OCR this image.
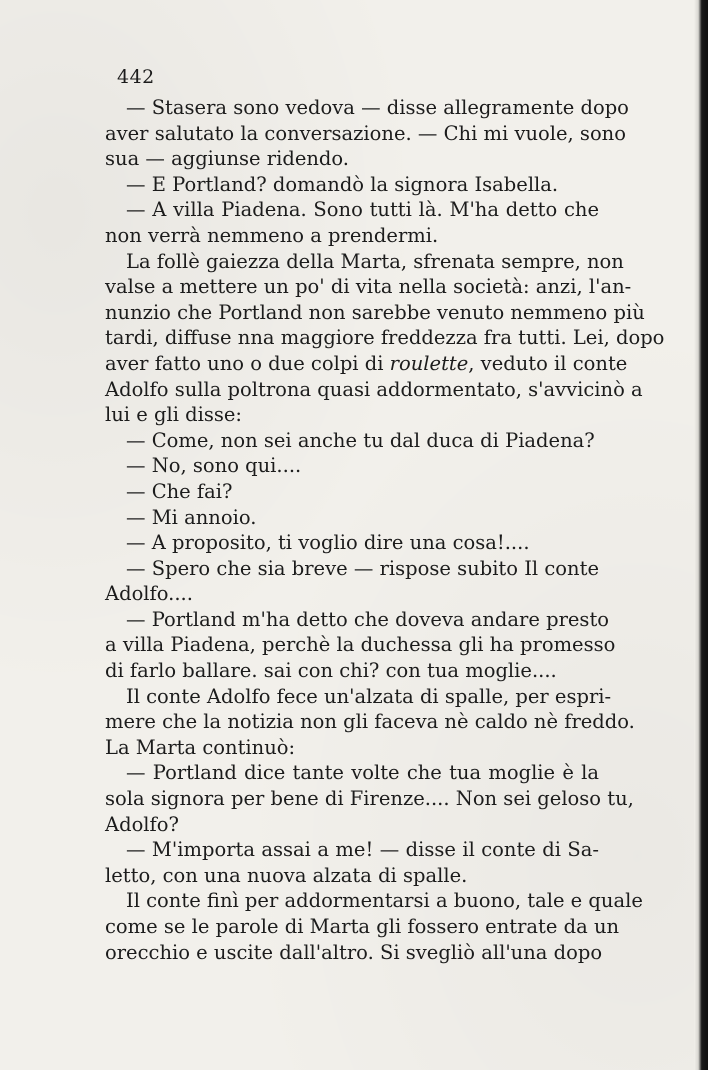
442
— Stasera sono vedova — disse allegramente dopo
aver salutato la conversazione. — Chi mi vuole, sono
sua — aggiunse ridendo.
— E Portland? domandò la signora Isabella.
— A villa Piadena. Sono tutti là. M'ha detto che
non verrà nemmeno a prendermi.
La follè gaiezza della Marta, sfrenata sempre, non
valse a mettere un po' di vita nella società: anzi, l'an-
nunzio che Portland non sarebbe venuto nemmeno più
tardi, diffuse nna maggiore freddezza fra tutti. Lei, dopo
aver fatto uno o due colpi di roulette, veduto il conte
Adolfo sulla poltrona quasi addormentato, s'avvicinò a
lui e gli disse:
— Come, non sei anche tu dal duca di Piadena?
— No, sono qui....
— Che fai?
— Mi annoio.
— A proposito, ti voglio dire una cosa!....
— Spero che sia breve — rispose subito Il conte
Adolfo....
— Portland m'ha detto che doveva andare presto
a villa Piadena, perchè la duchessa gli ha promesso
di farlo ballare. sai con chi? con tua moglie....
Il conte Adolfo fece un'alzata di spalle, per espri-
mere che la notizia non gli faceva nè caldo nè freddo.
La Marta continuò:
— Portland dice tante volte che tua moglie è la
sola signora per bene di Firenze.... Non sei geloso tu,
Adolfo?
— M'importa assai a me! — disse il conte di Sa-
letto, con una nuova alzata di spalle.
Il conte finì per addormentarsi a buono, tale e quale
come se le parole di Marta gli fossero entrate da un
orecchio e uscite dall'altro. Si svegliò all'una dopo
